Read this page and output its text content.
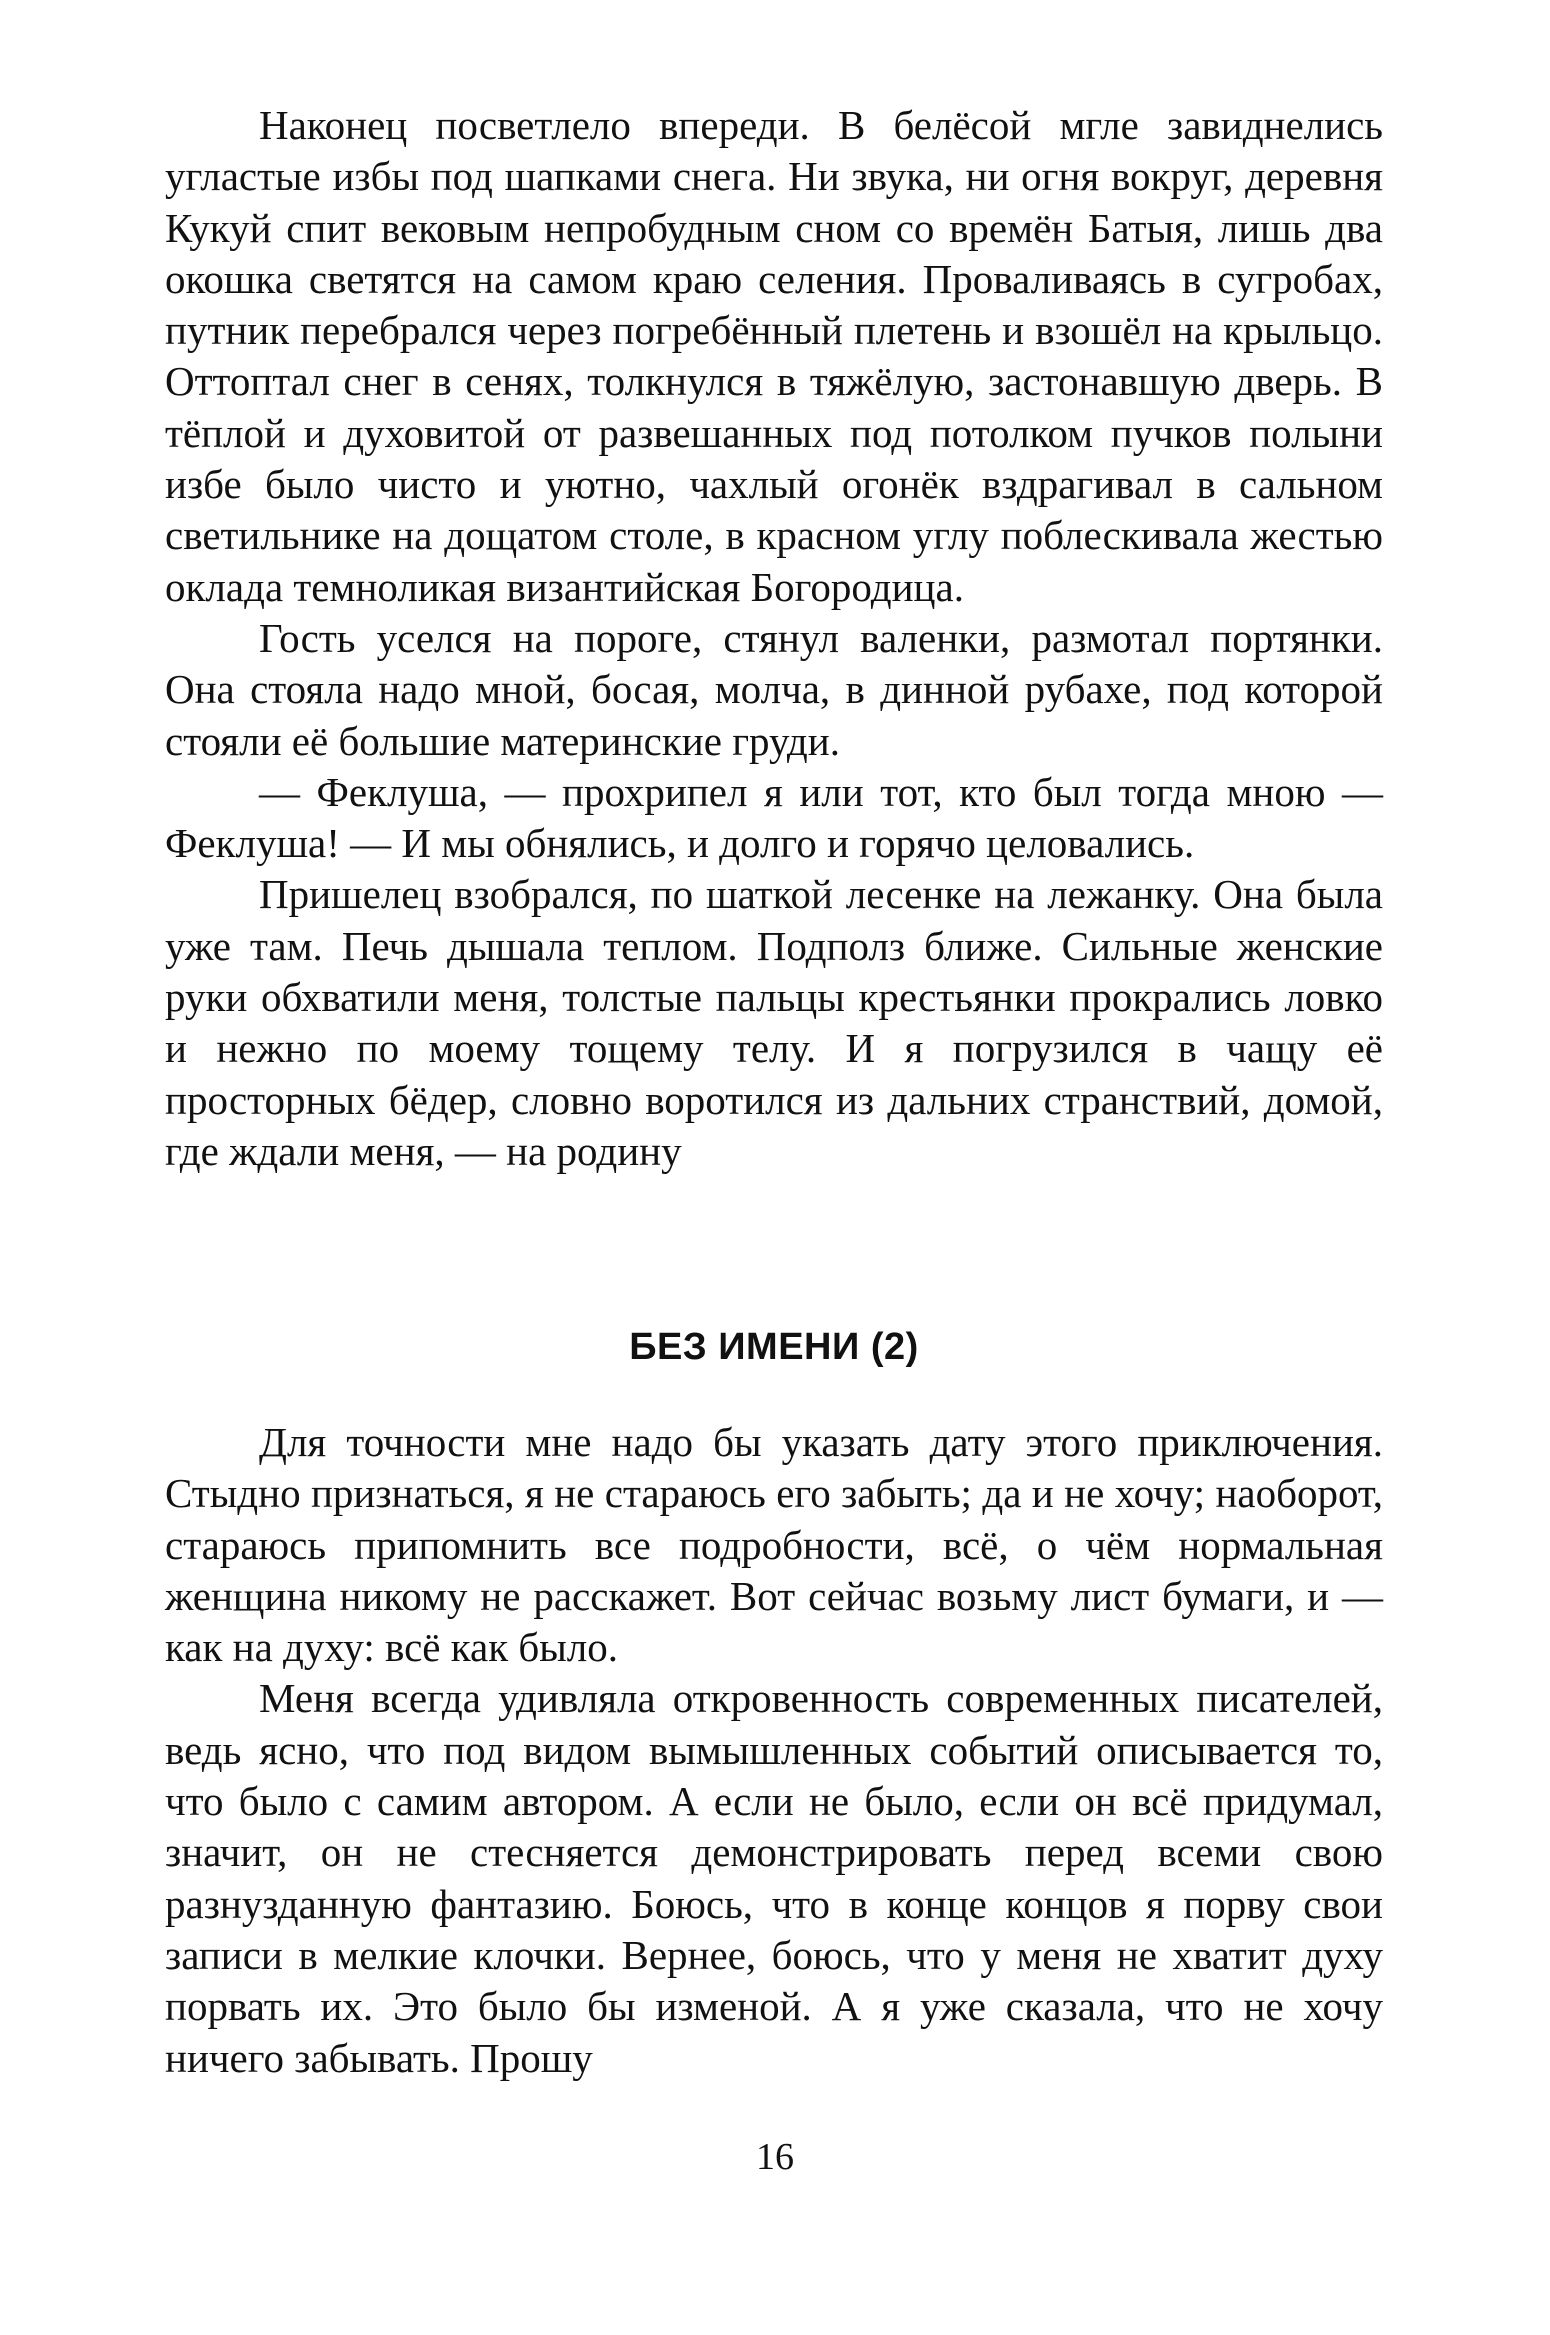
Наконец посветлело впереди. В белёсой мгле завиднелись угластые избы под шапками снега. Ни звука, ни огня вокруг, деревня Кукуй спит вековым непробудным сном со времён Батыя, лишь два окошка светятся на самом краю селения. Проваливаясь в сугробах, путник перебрался через погребённый плетень и взошёл на крыльцо. Оттоптал снег в сенях, толкнулся в тяжёлую, застонавшую дверь. В тёплой и духовитой от развешанных под потолком пучков полыни избе было чисто и уютно, чахлый огонёк вздрагивал в сальном светильнике на дощатом столе, в красном углу поблескивала жестью оклада темноликая византийская Богородица.

Гость уселся на пороге, стянул валенки, размотал портянки. Она стояла надо мной, босая, молча, в динной рубахе, под которой стояли её большие материнские груди.

— Феклуша, — прохрипел я или тот, кто был тогда мною — Феклуша! — И мы обнялись, и долго и горячо целовались.

Пришелец взобрался, по шаткой лесенке на лежанку. Она была уже там. Печь дышала теплом. Подполз ближе. Сильные женские руки обхватили меня, толстые пальцы крестьянки прокрались ловко и нежно по моему тощему телу. И я погрузился в чащу её просторных бёдер, словно воротился из дальних странствий, домой, где ждали меня, — на родину

БЕЗ ИМЕНИ (2)

Для точности мне надо бы указать дату этого приключения. Стыдно признаться, я не стараюсь его забыть; да и не хочу; наоборот, стараюсь припомнить все подробности, всё, о чём нормальная женщина никому не расскажет. Вот сейчас возьму лист бумаги, и — как на духу: всё как было.

Меня всегда удивляла откровенность современных писателей, ведь ясно, что под видом вымышленных событий описывается то, что было с самим автором. А если не было, если он всё придумал, значит, он не стесняется демонстрировать перед всеми свою разнузданную фантазию. Боюсь, что в конце концов я порву свои записи в мелкие клочки. Вернее, боюсь, что у меня не хватит духу порвать их. Это было бы изменой. А я уже сказала, что не хочу ничего забывать. Прошу

16
